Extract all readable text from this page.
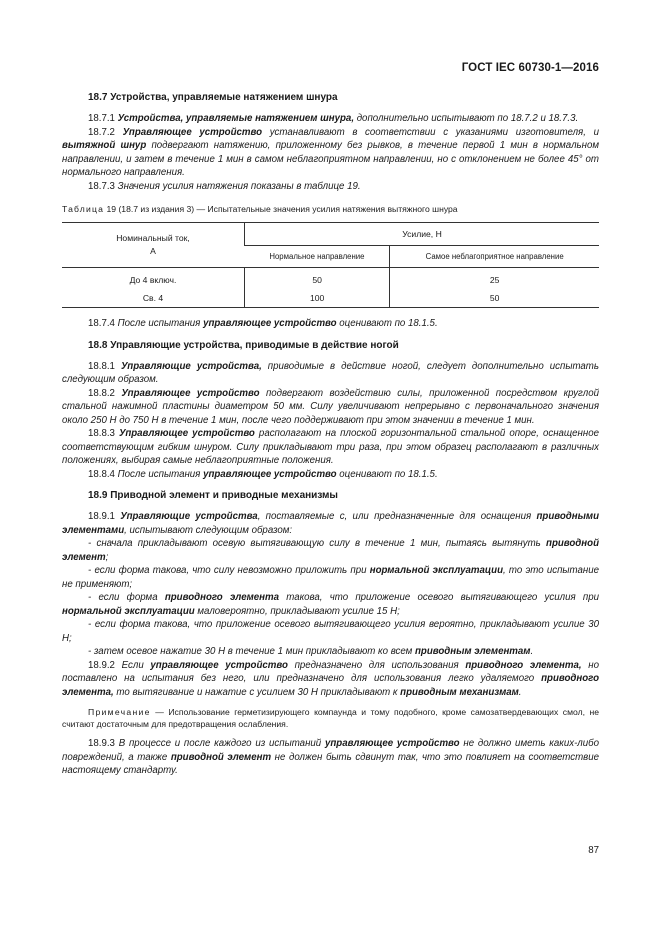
ГОСТ IEC 60730-1—2016
18.7 Устройства, управляемые натяжением шнура

18.7.1 Устройства, управляемые натяжением шнура, дополнительно испытывают по 18.7.2 и 18.7.3.

18.7.2 Управляющее устройство устанавливают в соответствии с указаниями изготовителя, и вытяжной шнур подвергают натяжению, приложенному без рывков, в течение первой 1 мин в нормальном направлении, и затем в течение 1 мин в самом неблагоприятном направлении, но с отклонением не более 45° от нормального направления.

18.7.3 Значения усилия натяжения показаны в таблице 19.

Таблица 19 (18.7 из издания 3) — Испытательные значения усилия натяжения вытяжного шнура
Номинальный ток,
А	Усилие, Н	
	Нормальное направление	Самое неблагоприятное направление
До 4 включ.	50	25
Св. 4	100	50

18.7.4 После испытания управляющее устройство оценивают по 18.1.5.

18.8 Управляющие устройства, приводимые в действие ногой

18.8.1 Управляющие устройства, приводимые в действие ногой, следует дополнительно испытать следующим образом.

18.8.2 Управляющее устройство подвергают воздействию силы, приложенной посредством круглой стальной нажимной пластины диаметром 50 мм. Силу увеличивают непрерывно с первоначального значения около 250 Н до 750 Н в течение 1 мин, после чего поддерживают при этом значении в течение 1 мин.

18.8.3 Управляющее устройство располагают на плоской горизонтальной стальной опоре, оснащенное соответствующим гибким шнуром. Силу прикладывают три раза, при этом образец располагают в различных положениях, выбирая самые неблагоприятные положения.

18.8.4 После испытания управляющее устройство оценивают по 18.1.5.

18.9 Приводной элемент и приводные механизмы

18.9.1 Управляющие устройства, поставляемые с, или предназначенные для оснащения приводными элементами, испытывают следующим образом:

- сначала прикладывают осевую вытягивающую силу в течение 1 мин, пытаясь вытянуть приводной элемент;

- если форма такова, что силу невозможно приложить при нормальной эксплуатации, то это испытание не применяют;

- если форма приводного элемента такова, что приложение осевого вытягивающего усилия при нормальной эксплуатации маловероятно, прикладывают усилие 15 Н;

- если форма такова, что приложение осевого вытягивающего усилия вероятно, прикладывают усилие 30 Н;

- затем осевое нажатие 30 Н в течение 1 мин прикладывают ко всем приводным элементам.

18.9.2 Если управляющее устройство предназначено для использования приводного элемента, но поставлено на испытания без него, или предназначено для использования легко удаляемого приводного элемента, то вытягивание и нажатие с усилием 30 Н прикладывают к приводным механизмам.

Примечание — Использование герметизирующего компаунда и тому подобного, кроме самозатвердевающих смол, не считают достаточным для предотвращения ослабления.

18.9.3 В процессе и после каждого из испытаний управляющее устройство не должно иметь каких-либо повреждений, а также приводной элемент не должен быть сдвинут так, что это повлияет на соответствие настоящему стандарту.

87
